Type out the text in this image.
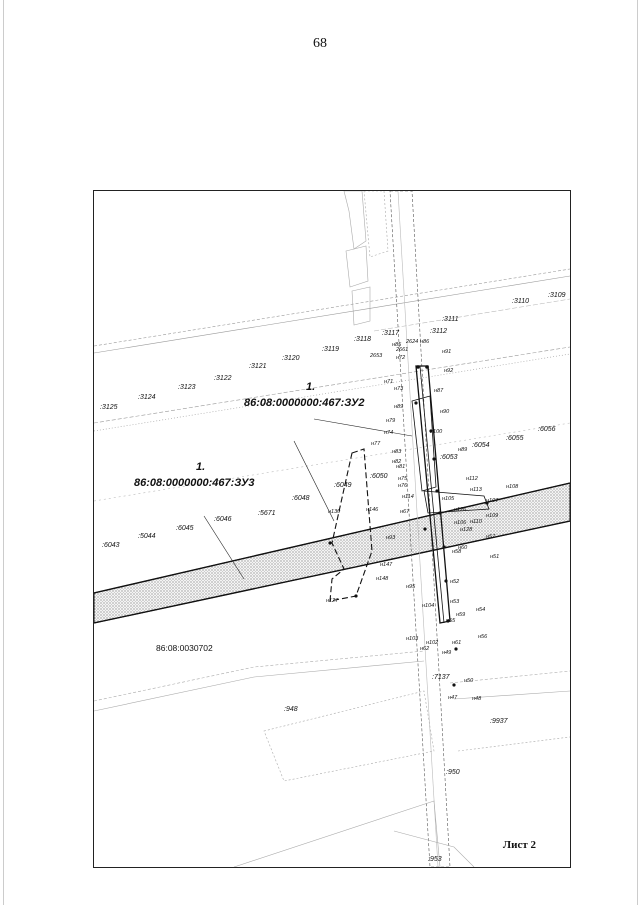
68
:3109
:3110
:3111
:3112
:3117
:3118
:3119
:3120
:3121
:3122
:3123
:3124
:3125
:6043
:5044
:6045
:6046
:5671
:6048
:6049
:6050
:6053
:6054
:6055
:6056
:9937
:948
:950
:953
:7137
2624
2661
2653
н85	н86
н91
н92
н71
н72
н87
н73
н89
н90
н79
н74	н100
н77
н89
н82
н81
н83
н75
н76
н112
н113
н114
н108
н109
н107
н110
н105
н106
н130	н146	н67	н126
н128
н93
н58
н60
н57
н51
н147
н148
н95
н53
н52
н127
н104
н55
н56
н54
н103
н61
н102
н62
н59
н49
н50
н47	н48
1.
86:08:0000000:467:ЗУ2
1.
86:08:0000000:467:ЗУ3
86:08:0030702
Лист 2
